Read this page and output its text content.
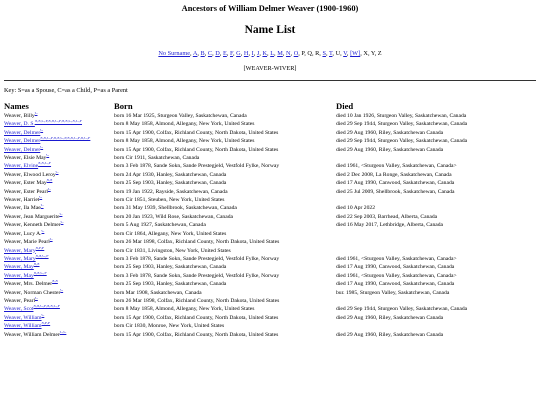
Ancestors of William Delmer Weaver (1900-1960)
Name List
No Surname, A, B, C, D, E, F, G, H, I, J, K, L, M, N, O, P, Q, R, S, T, U, V, [W], X, Y, Z
[WEAVER-WIVER]
Key: S=as a Spouse, C=as a Child, P=as a Parent
Names	Born	Died
Weaver, Billy$^C$	born 16 Mar 1925, Sturgeon Valley, Saskatchewan, Canada	died 10 Jan 1926, Sturgeon Valley, Saskatchewan, Canada
Weaver, D. S.$^{S,S,C,P,S,S,C,P,S,S,C,S,C,P}$	born 8 May 1858, Almond, Allegany, New York, United States	died 29 Sep 1944, Sturgeon Valley, Saskatchewan, Canada
Weaver, Delmer$^C$	born 15 Apr 1900, Colfax, Richland County, North Dakota, United States	died 29 Aug 1960, Riley, Saskatchewan Canada
Weaver, Delmer$^{S,S,C,P,S,S,C,P,S,S,C,P,S,C,P}$	born 8 May 1858, Almond, Allegany, New York, United States	died 29 Sep 1944, Sturgeon Valley, Saskatchewan, Canada
Weaver, Delmer$^C$	born 15 Apr 1900, Colfax, Richland County, North Dakota, United States	died 29 Aug 1960, Riley, Saskatchewan Canada
Weaver, Elsie May$^C$	born Cir 1911, Saskatchewan, Canada	
Weaver, Elvine$^{S,S,C,P}$	born 3 Feb 1878, Sande Sokn, Sande Prestegjeld, Vestfold Fylke, Norway	died 1961, <Sturgeon Valley, Saskatchewan, Canada>
Weaver, Elwood Leroy$^C$	born 24 Apr 1930, Hanley, Saskatchewan, Canada	died 2 Dec 2008, La Ronge, Saskatchewan, Canada
Weaver, Ester May$^{S,S}$	born 25 Sep 1903, Hanley, Saskatchewan, Canada	died 17 Aug 1990, Canwood, Saskatchewan, Canada
Weaver, Ester Pearl$^C$	born 19 Jan 1922, Rayside, Saskatchewan, Canada	died 25 Jul 2009, Shellbrook, Saskatchewan, Canada
Weaver, Harriet$^C$	born Cir 1851, Steuben, New York, United States	
Weaver, Ila Mae$^C$	born 31 May 1939, Shellbrook, Saskatchewan, Canada	died 10 Apr 2022
Weaver, Jean Marguerite$^C$	born 20 Jan 1923, Wild Rose, Saskatchewan, Canada	died 22 Sep 2003, Barrhead, Alberta, Canada
Weaver, Kenneth Delmer$^C$	born 5 Aug 1927, Saskatchewan, Canada	died 16 May 2017, Lethbridge, Alberta, Canada
Weaver, Lucy A.$^C$	born Cir 1864, Allegany, New York, United States	
Weaver, Marie Pearl$^C$	born 26 Mar 1898, Colfax, Richland County, North Dakota, United States	
Weaver, Mary$^{S,P,P}$	born Cir 1831, Livingston, New York, United States	
Weaver, Mary$^{S,S,C,P}$	born 3 Feb 1878, Sande Sokn, Sande Prestegjeld, Vestfold Fylke, Norway	died 1961, <Sturgeon Valley, Saskatchewan, Canada>
Weaver, May$^{S,S}$	born 25 Sep 1903, Hanley, Saskatchewan, Canada	died 17 Aug 1990, Canwood, Saskatchewan, Canada
Weaver, May$^{S,S,C,P}$	born 3 Feb 1878, Sande Sokn, Sande Prestegjeld, Vestfold Fylke, Norway	died 1961, <Sturgeon Valley, Saskatchewan, Canada>
Weaver, Mrs. Delmer$^{S,S}$	born 25 Sep 1903, Hanley, Saskatchewan, Canada	died 17 Aug 1990, Canwood, Saskatchewan, Canada
Weaver, Norman Chester$^C$	born Mar 1908, Saskatchewan, Canada	bur. 1985, Sturgeon Valley, Saskatchewan, Canada
Weaver, Pearl$^C$	born 26 Mar 1898, Colfax, Richland County, North Dakota, United States	
Weaver, Scot$^{S,S,C,P,S,S,C,P}$	born 8 May 1858, Almond, Allegany, New York, United States	died 29 Sep 1944, Sturgeon Valley, Saskatchewan, Canada
Weaver, William$^C$	born 15 Apr 1900, Colfax, Richland County, North Dakota, United States	died 29 Aug 1960, Riley, Saskatchewan Canada
Weaver, William$^{S,P,P}$	born Cir 1830, Monroe, New York, United States	
Weaver, William Delmer$^{C,C}$	born 15 Apr 1900, Colfax, Richland County, North Dakota, United States	died 29 Aug 1960, Riley, Saskatchewan Canada
